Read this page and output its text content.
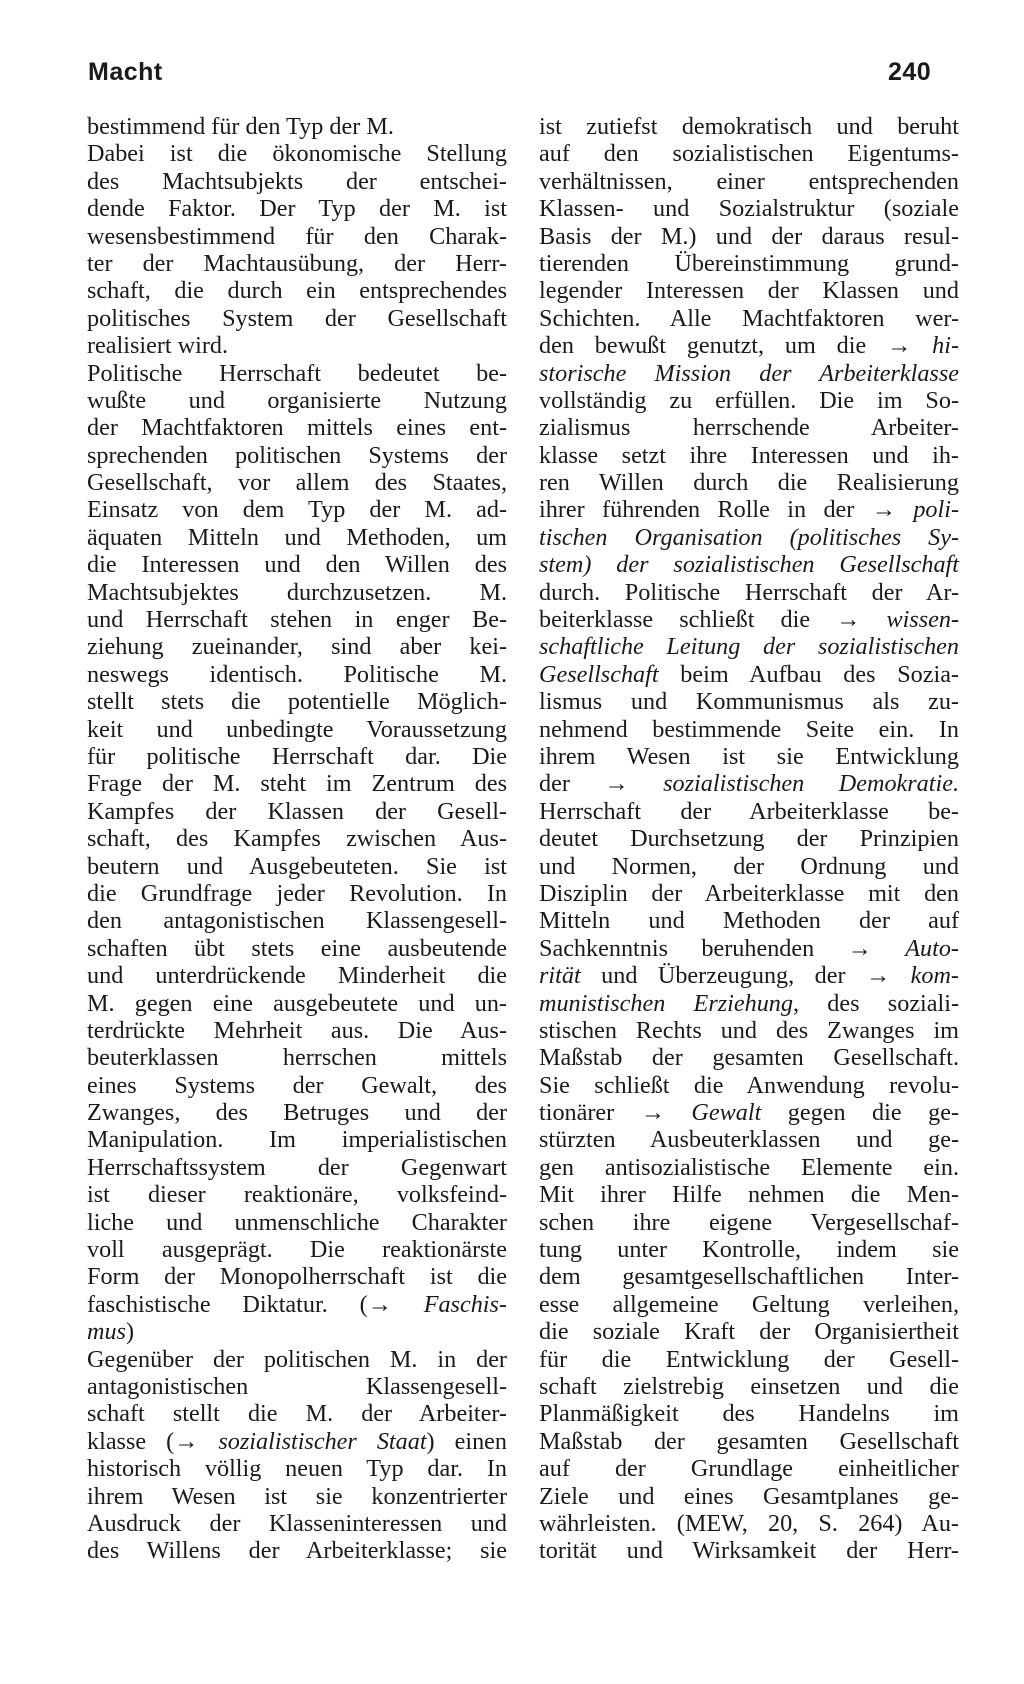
Macht	240
bestimmend für den Typ der M.
Dabei ist die ökonomische Stellung
des Machtsubjekts der entschei-
dende Faktor. Der Typ der M. ist
wesensbestimmend für den Charak-
ter der Machtausübung, der Herr-
schaft, die durch ein entsprechendes
politisches System der Gesellschaft
realisiert wird.
Politische Herrschaft bedeutet be-
wußte und organisierte Nutzung
der Machtfaktoren mittels eines ent-
sprechenden politischen Systems der
Gesellschaft, vor allem des Staates,
Einsatz von dem Typ der M. ad-
äquaten Mitteln und Methoden, um
die Interessen und den Willen des
Machtsubjektes durchzusetzen. M.
und Herrschaft stehen in enger Be-
ziehung zueinander, sind aber kei-
neswegs identisch. Politische M.
stellt stets die potentielle Möglich-
keit und unbedingte Voraussetzung
für politische Herrschaft dar. Die
Frage der M. steht im Zentrum des
Kampfes der Klassen der Gesell-
schaft, des Kampfes zwischen Aus-
beutern und Ausgebeuteten. Sie ist
die Grundfrage jeder Revolution. In
den antagonistischen Klassengesell-
schaften übt stets eine ausbeutende
und unterdrückende Minderheit die
M. gegen eine ausgebeutete und un-
terdrückte Mehrheit aus. Die Aus-
beuterklassen herrschen mittels
eines Systems der Gewalt, des
Zwanges, des Betruges und der
Manipulation. Im imperialistischen
Herrschaftssystem der Gegenwart
ist dieser reaktionäre, volksfeind-
liche und unmenschliche Charakter
voll ausgeprägt. Die reaktionärste
Form der Monopolherrschaft ist die
faschistische Diktatur. (→ Faschis-
mus)
Gegenüber der politischen M. in der
antagonistischen Klassengesell-
schaft stellt die M. der Arbeiter-
klasse (→ sozialistischer Staat) einen
historisch völlig neuen Typ dar. In
ihrem Wesen ist sie konzentrierter
Ausdruck der Klasseninteressen und
des Willens der Arbeiterklasse; sie
ist zutiefst demokratisch und beruht
auf den sozialistischen Eigentums-
verhältnissen, einer entsprechenden
Klassen- und Sozialstruktur (soziale
Basis der M.) und der daraus resul-
tierenden Übereinstimmung grund-
legender Interessen der Klassen und
Schichten. Alle Machtfaktoren wer-
den bewußt genutzt, um die → hi-
storische Mission der Arbeiterklasse
vollständig zu erfüllen. Die im So-
zialismus herrschende Arbeiter-
klasse setzt ihre Interessen und ih-
ren Willen durch die Realisierung
ihrer führenden Rolle in der → poli-
tischen Organisation (politisches Sy-
stem) der sozialistischen Gesellschaft
durch. Politische Herrschaft der Ar-
beiterklasse schließt die → wissen-
schaftliche Leitung der sozialistischen
Gesellschaft beim Aufbau des Sozia-
lismus und Kommunismus als zu-
nehmend bestimmende Seite ein. In
ihrem Wesen ist sie Entwicklung
der → sozialistischen Demokratie.
Herrschaft der Arbeiterklasse be-
deutet Durchsetzung der Prinzipien
und Normen, der Ordnung und
Disziplin der Arbeiterklasse mit den
Mitteln und Methoden der auf
Sachkenntnis beruhenden → Auto-
rität und Überzeugung, der → kom-
munistischen Erziehung, des soziali-
stischen Rechts und des Zwanges im
Maßstab der gesamten Gesellschaft.
Sie schließt die Anwendung revolu-
tionärer → Gewalt gegen die ge-
stürzten Ausbeuterklassen und ge-
gen antisozialistische Elemente ein.
Mit ihrer Hilfe nehmen die Men-
schen ihre eigene Vergesellschaf-
tung unter Kontrolle, indem sie
dem gesamtgesellschaftlichen Inter-
esse allgemeine Geltung verleihen,
die soziale Kraft der Organisiertheit
für die Entwicklung der Gesell-
schaft zielstrebig einsetzen und die
Planmäßigkeit des Handelns im
Maßstab der gesamten Gesellschaft
auf der Grundlage einheitlicher
Ziele und eines Gesamtplanes ge-
währleisten. (MEW, 20, S. 264) Au-
torität und Wirksamkeit der Herr-
